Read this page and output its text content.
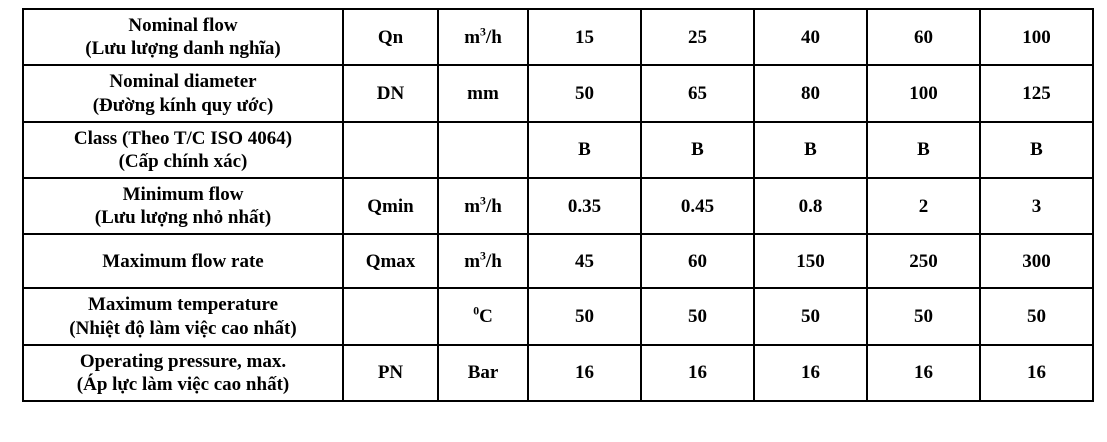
Nominal flow
(Lưu lượng danh nghĩa)	Qn	$m^3/h$	15	25	40	60	100

Nominal diameter
(Đường kính quy ước)	DN	mm	50	65	80	100	125

Class (Theo T/C ISO 4064)
(Cấp chính xác)			B	B	B	B	B

Minimum flow
(Lưu lượng nhỏ nhất)	Qmin	$m^3/h$	0.35	0.45	0.8	2	3

Maximum flow rate	Qmax	$m^3/h$	45	60	150	250	300

Maximum temperature
(Nhiệt độ làm việc cao nhất)		$^0$C	50	50	50	50	50

Operating pressure, max.
(Áp lực làm việc cao nhất)	PN	Bar	16	16	16	16	16
